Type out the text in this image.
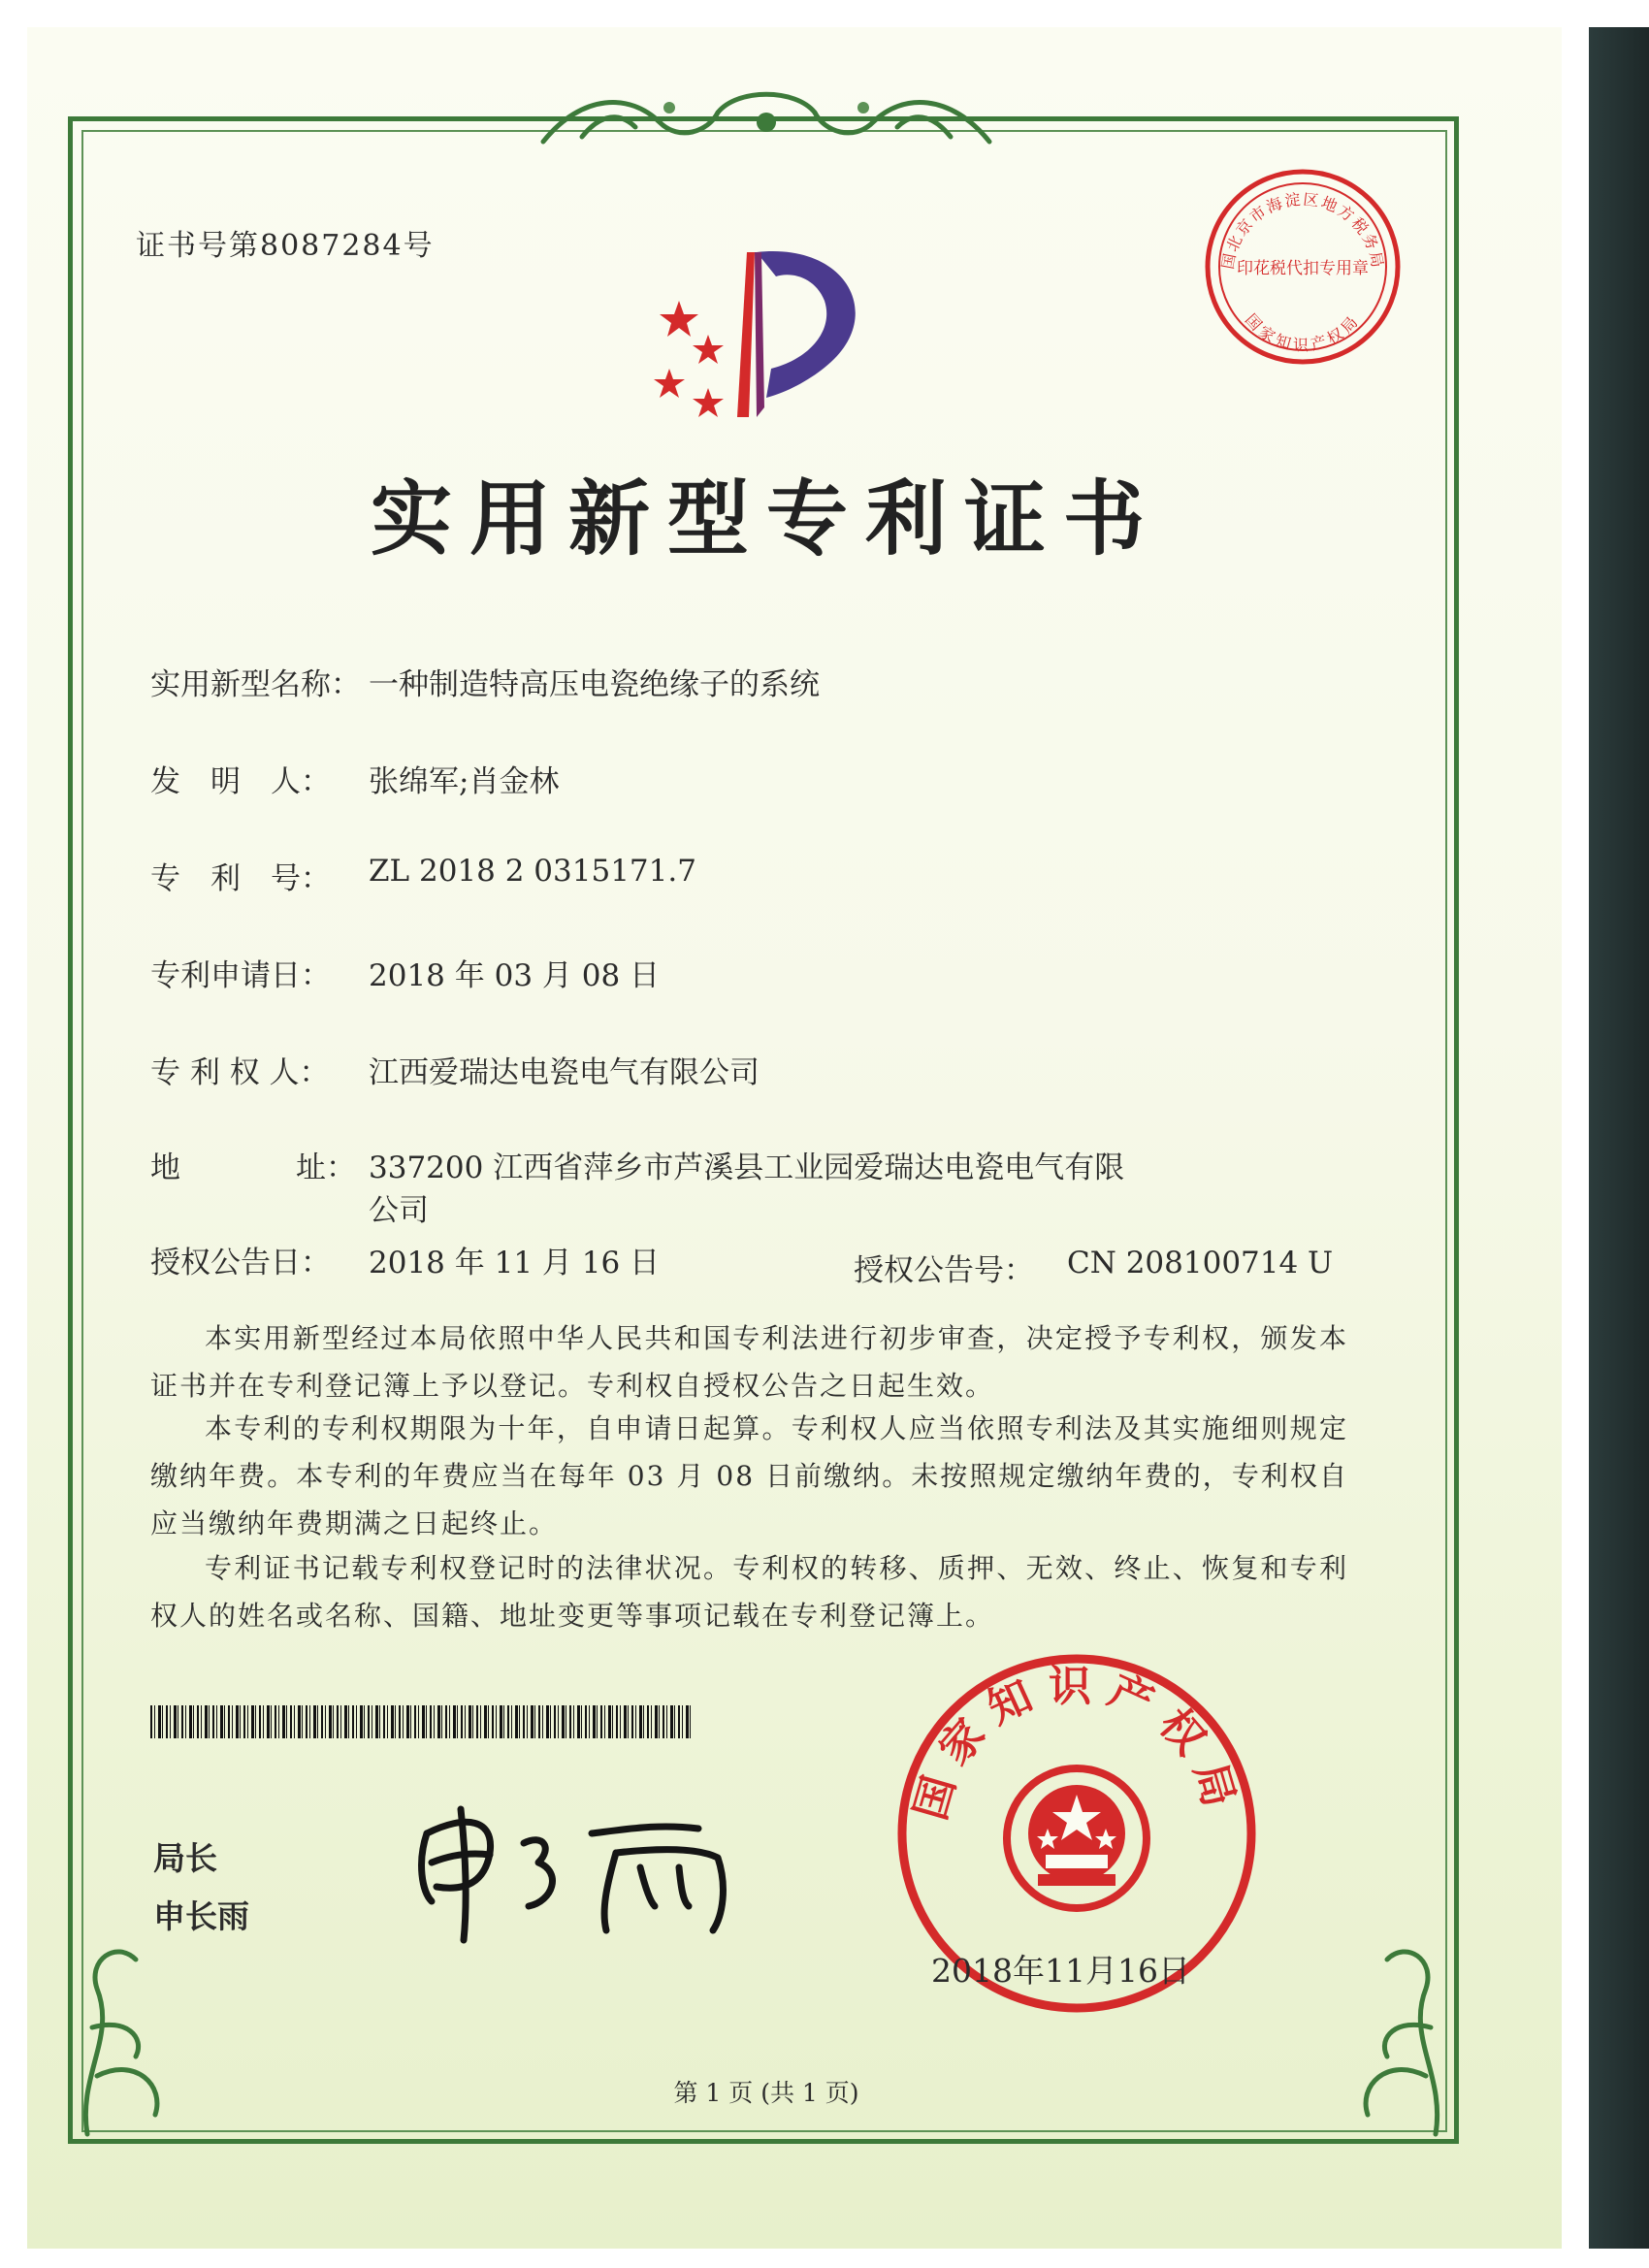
证书号第8087284号	国北京市海淀区地方税务局
印花税代扣专用章
国家知识产权局
实用新型专利证书
实用新型名称： 一种制造特高压电瓷绝缘子的系统
发　明　人： 张绵军;肖金林
专　利　号： ZL 2018 2 0315171.7
专利申请日： 2018 年 03 月 08 日
专 利 权 人： 江西爱瑞达电瓷电气有限公司
地	址： 337200 江西省萍乡市芦溪县工业园爱瑞达电瓷电气有限
公司
授权公告日： 2018 年 11 月 16 日	授权公告号： CN 208100714 U
本实用新型经过本局依照中华人民共和国专利法进行初步审查，决定授予专利权，颁发本证书并在专利登记簿上予以登记。专利权自授权公告之日起生效。
本专利的专利权期限为十年，自申请日起算。专利权人应当依照专利法及其实施细则规定缴纳年费。本专利的年费应当在每年 03 月 08 日前缴纳。未按照规定缴纳年费的，专利权自应当缴纳年费期满之日起终止。
专利证书记载专利权登记时的法律状况。专利权的转移、质押、无效、终止、恢复和专利权人的姓名或名称、国籍、地址变更等事项记载在专利登记簿上。
局长
申长雨
国家知识产权局
2018年11月16日
第 1 页 (共 1 页)
